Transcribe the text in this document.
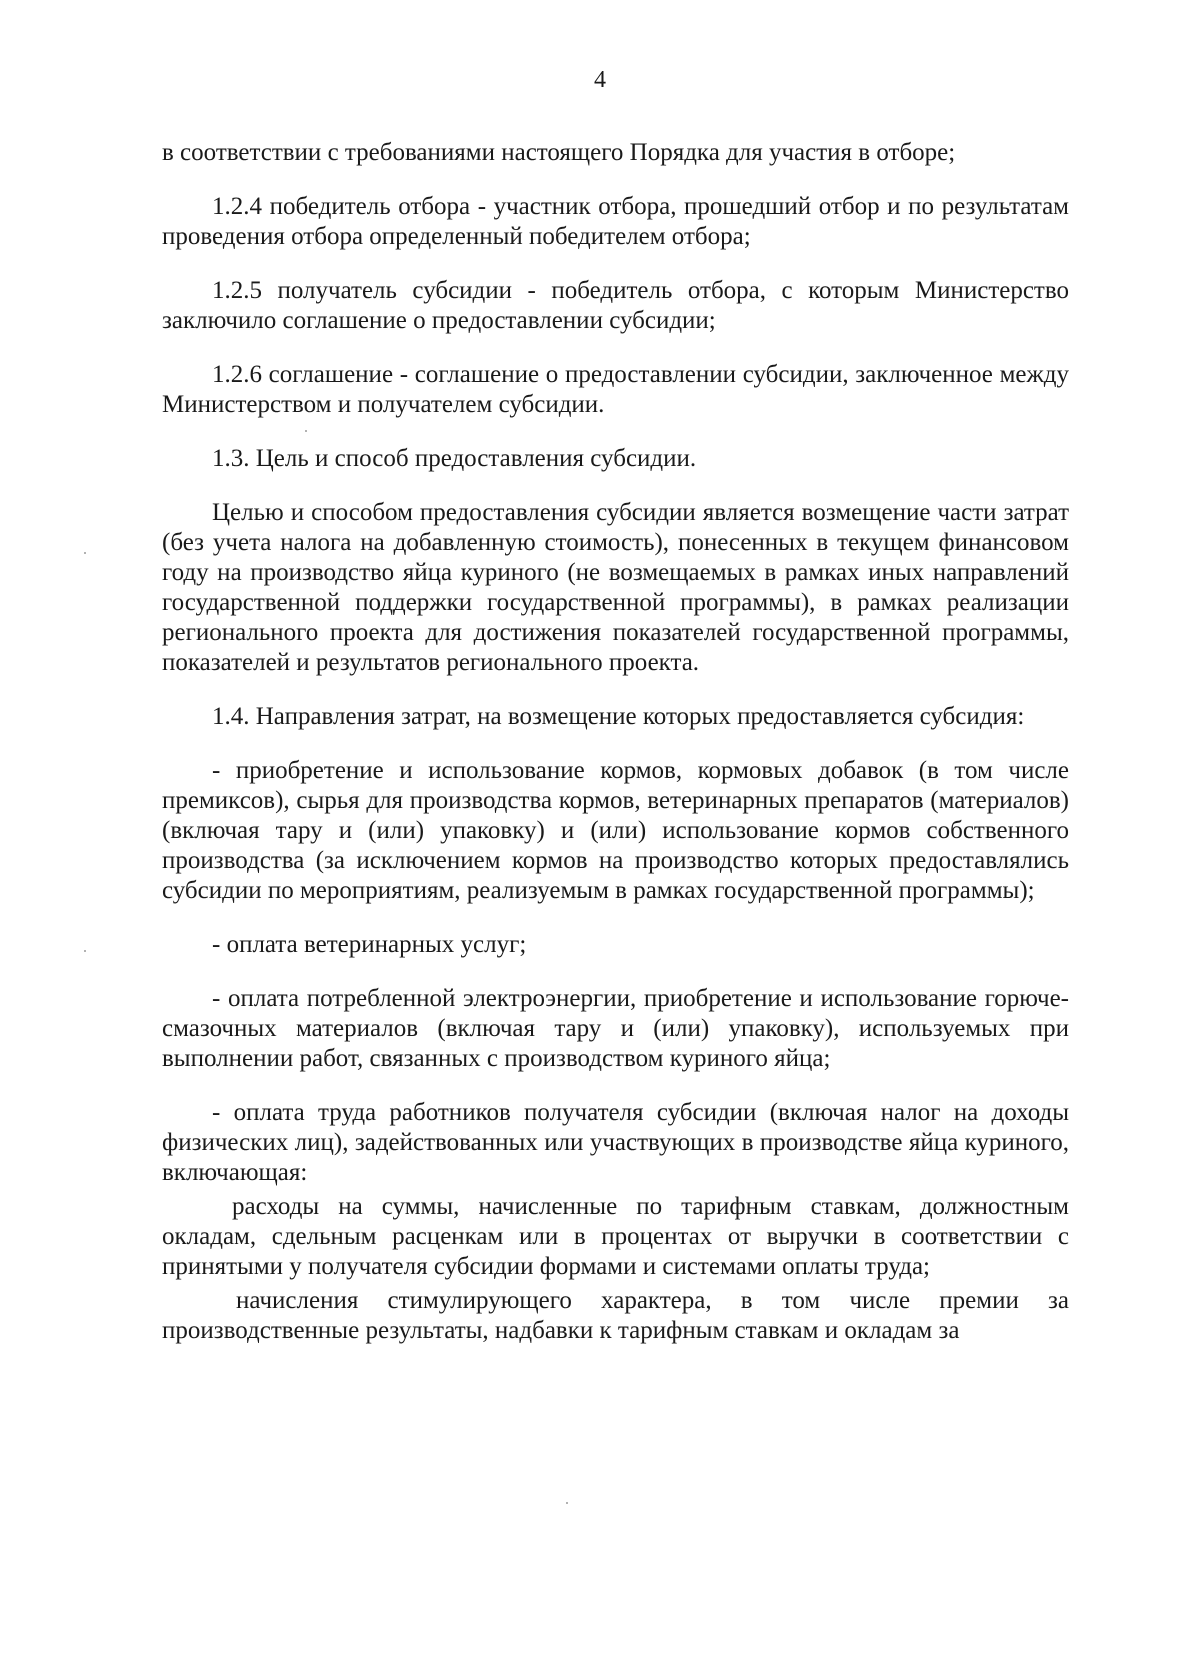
4

в соответствии с требованиями настоящего Порядка для участия в отборе;

1.2.4 победитель отбора - участник отбора, прошедший отбор и по результатам проведения отбора определенный победителем отбора;

1.2.5 получатель субсидии - победитель отбора, с которым Министерство заключило соглашение о предоставлении субсидии;

1.2.6 соглашение - соглашение о предоставлении субсидии, заключенное между Министерством и получателем субсидии.

1.3. Цель и способ предоставления субсидии.

Целью и способом предоставления субсидии является возмещение части затрат (без учета налога на добавленную стоимость), понесенных в текущем финансовом году на производство яйца куриного (не возмещаемых в рамках иных направлений государственной поддержки государственной программы), в рамках реализации регионального проекта для достижения показателей государственной программы, показателей и результатов регионального проекта.

1.4. Направления затрат, на возмещение которых предоставляется субсидия:

- приобретение и использование кормов, кормовых добавок (в том числе премиксов), сырья для производства кормов, ветеринарных препаратов (материалов) (включая тару и (или) упаковку) и (или) использование кормов собственного производства (за исключением кормов на производство которых предоставлялись субсидии по мероприятиям, реализуемым в рамках государственной программы);

- оплата ветеринарных услуг;

- оплата потребленной электроэнергии, приобретение и использование горюче-смазочных материалов (включая тару и (или) упаковку), используемых при выполнении работ, связанных с производством куриного яйца;

- оплата труда работников получателя субсидии (включая налог на доходы физических лиц), задействованных или участвующих в производстве яйца куриного, включающая:

расходы на суммы, начисленные по тарифным ставкам, должностным окладам, сдельным расценкам или в процентах от выручки в соответствии с принятыми у получателя субсидии формами и системами оплаты труда;

начисления стимулирующего характера, в том числе премии за производственные результаты, надбавки к тарифным ставкам и окладам за
